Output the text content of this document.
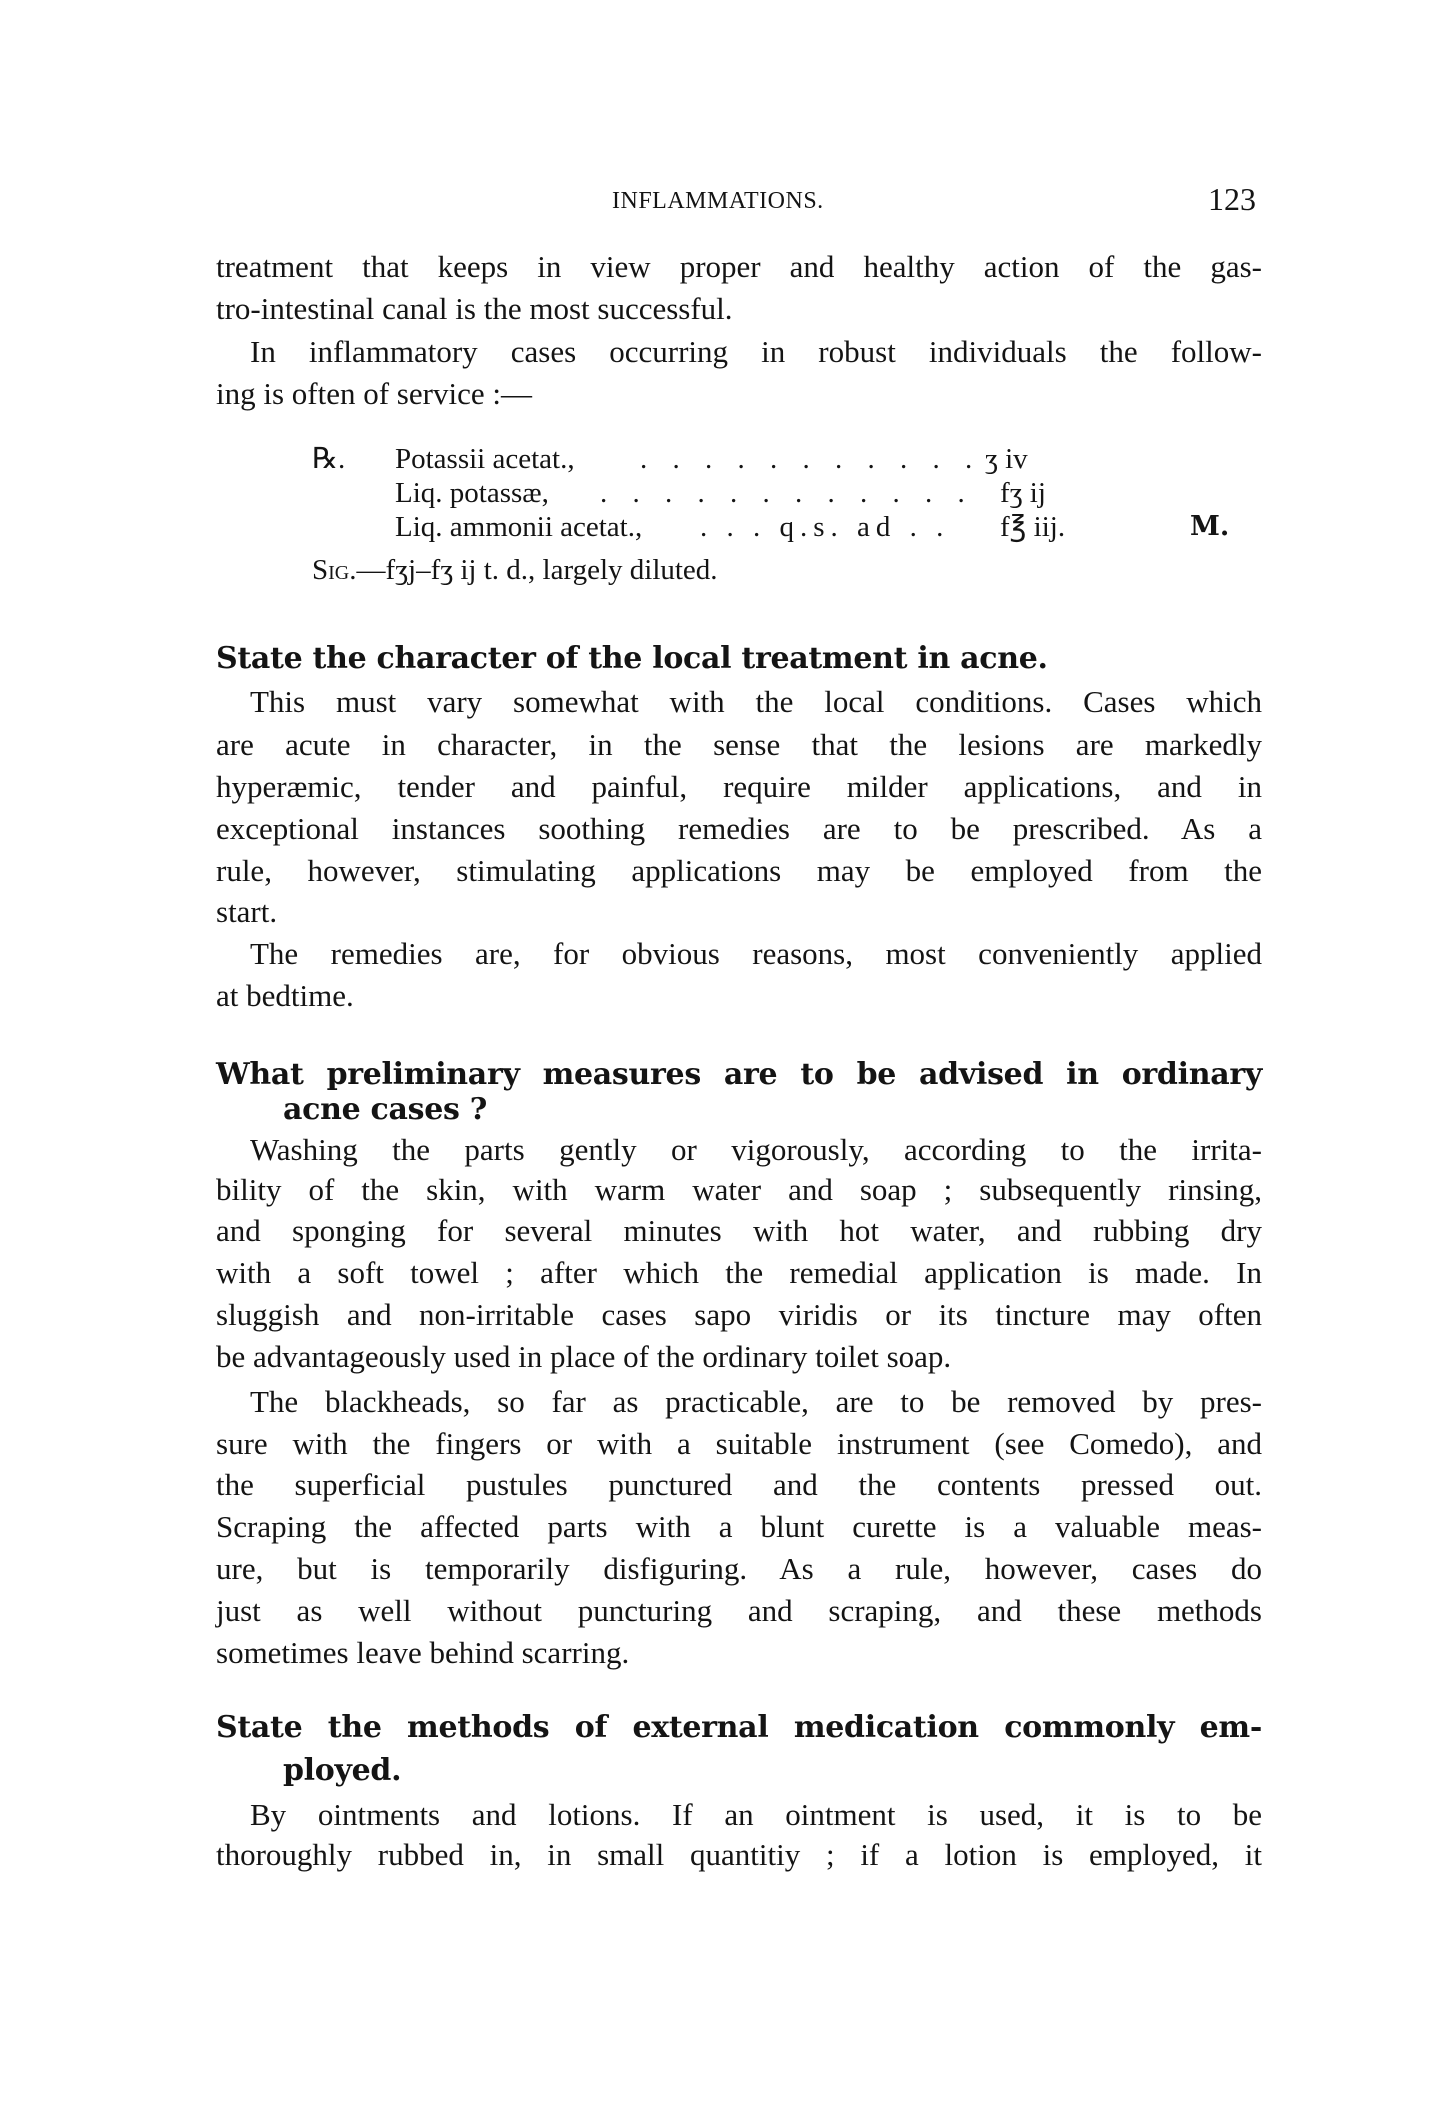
INFLAMMATIONS.	123
treatment that keeps in view proper and healthy action of the gas-
tro-intestinal canal is the most successful.
In inflammatory cases occurring in robust individuals the follow-
ing is often of service :—
℞. Potassii acetat., . . . . . . . . . . . ʒ iv
Liq. potassæ, . . . . . . . . . . . . fʒ ij
Liq. ammonii acetat., . . . q.s. ad . . f℥ iij.	M.
Sig.—fʒj–fʒ ij t. d., largely diluted.
State the character of the local treatment in acne.
This must vary somewhat with the local conditions. Cases which
are acute in character, in the sense that the lesions are markedly
hyperæmic, tender and painful, require milder applications, and in
exceptional instances soothing remedies are to be prescribed. As a
rule, however, stimulating applications may be employed from the
start.
The remedies are, for obvious reasons, most conveniently applied
at bedtime.
What preliminary measures are to be advised in ordinary
acne cases ?
Washing the parts gently or vigorously, according to the irrita-
bility of the skin, with warm water and soap ; subsequently rinsing,
and sponging for several minutes with hot water, and rubbing dry
with a soft towel ; after which the remedial application is made. In
sluggish and non-irritable cases sapo viridis or its tincture may often
be advantageously used in place of the ordinary toilet soap.
The blackheads, so far as practicable, are to be removed by pres-
sure with the fingers or with a suitable instrument (see Comedo), and
the superficial pustules punctured and the contents pressed out.
Scraping the affected parts with a blunt curette is a valuable meas-
ure, but is temporarily disfiguring. As a rule, however, cases do
just as well without puncturing and scraping, and these methods
sometimes leave behind scarring.
State the methods of external medication commonly em-
ployed.
By ointments and lotions. If an ointment is used, it is to be
thoroughly rubbed in, in small quantitiy ; if a lotion is employed, it
